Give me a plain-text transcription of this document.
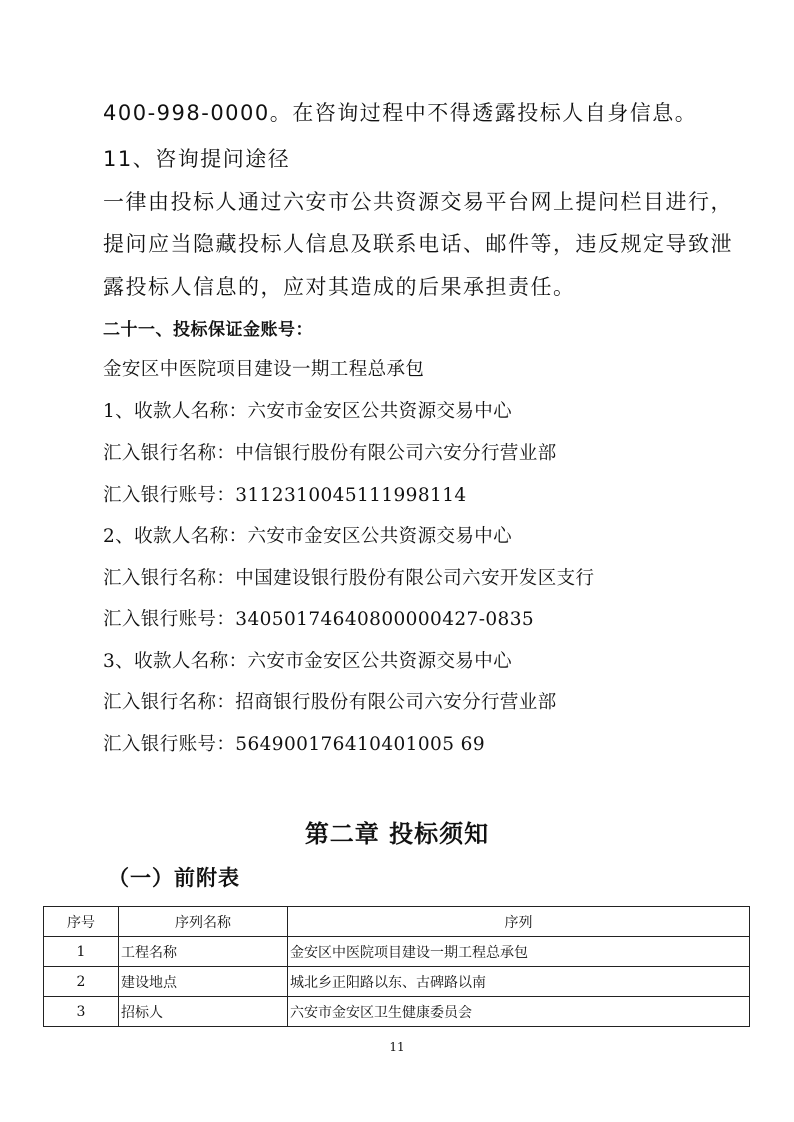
400-998-0000。在咨询过程中不得透露投标人自身信息。
11、咨询提问途径
一律由投标人通过六安市公共资源交易平台网上提问栏目进行，
提问应当隐藏投标人信息及联系电话、邮件等，违反规定导致泄
露投标人信息的，应对其造成的后果承担责任。
二十一、投标保证金账号：
金安区中医院项目建设一期工程总承包
1、收款人名称：六安市金安区公共资源交易中心
汇入银行名称：中信银行股份有限公司六安分行营业部
汇入银行账号：3112310045111998114
2、收款人名称：六安市金安区公共资源交易中心
汇入银行名称：中国建设银行股份有限公司六安开发区支行
汇入银行账号：34050174640800000427-0835
3、收款人名称：六安市金安区公共资源交易中心
汇入银行名称：招商银行股份有限公司六安分行营业部
汇入银行账号：564900176410401005 69
第二章 投标须知
（一）前附表
序号	序列名称	序列
1	工程名称	金安区中医院项目建设一期工程总承包
2	建设地点	城北乡正阳路以东、古碑路以南
3	招标人	六安市金安区卫生健康委员会
11
